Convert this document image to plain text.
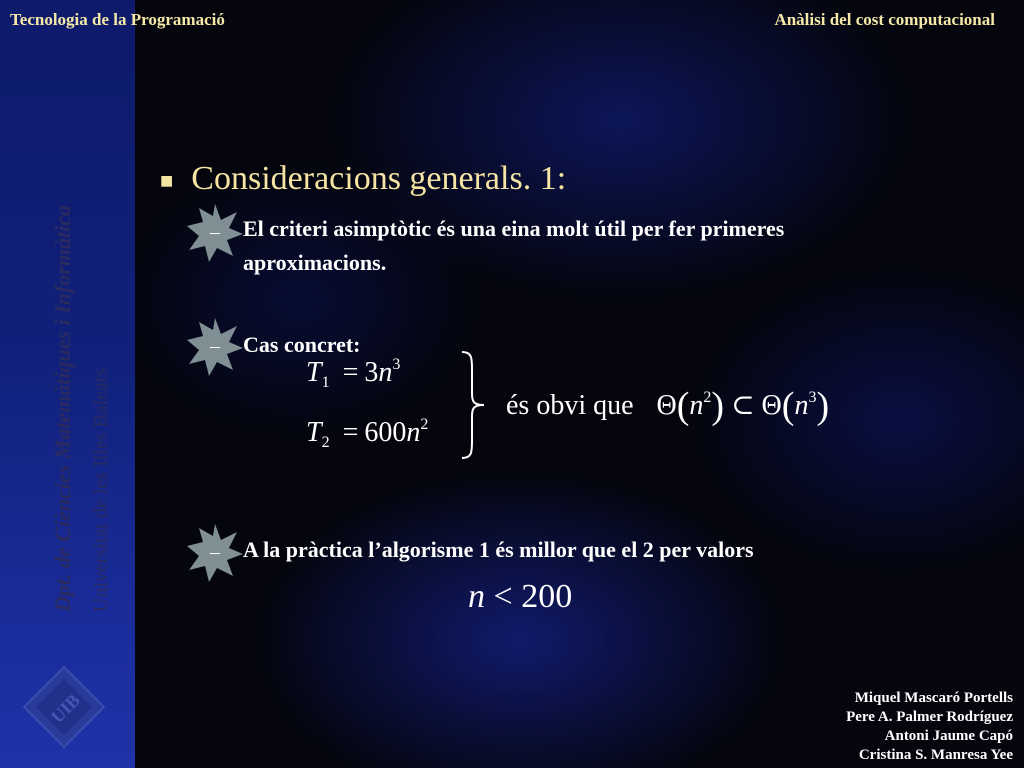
Dpt. de Ciències Matemàtiques i Informàtica Universitat de les Illes Balears
UIB
Tecnologia de la Programació	Anàlisi del cost computacional
■ Consideracions generals. 1:
–	El criteri asimptòtic és una eina molt útil per fer primeres
aproximacions.
–	Cas concret:
$T_1 = 3n^3$
$T_2 = 600n^2$
és obvi que $\Theta(n^2)$ ⊂ $\Theta(n^3)$
–	A la pràctica l’algorisme 1 és millor que el 2 per valors
n < 200
Miquel Mascaró Portells
Pere A. Palmer Rodríguez
Antoni Jaume Capó
Cristina S. Manresa Yee
